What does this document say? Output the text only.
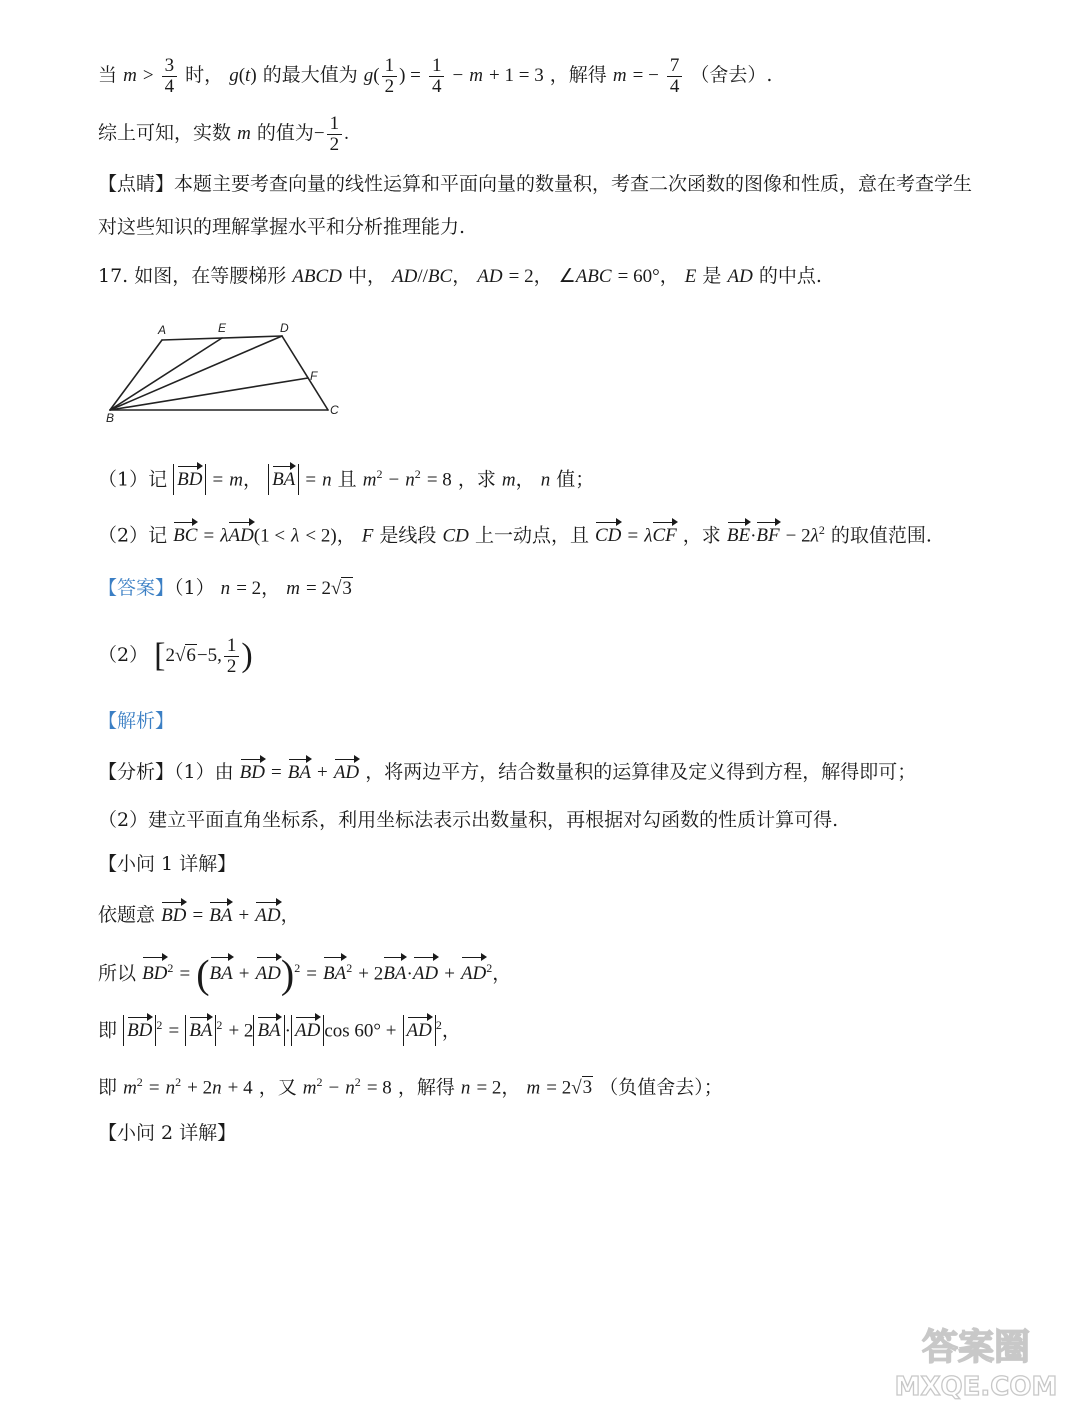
当 $m > \frac{3}{4}$ 时， g(t) 的最大值为 $g( \frac{1}{2}$ ) = $\frac{1}{4} - m + 1 = 3$ ，解得 m = − $\frac{7}{4}$ （舍去）.
综上可知，实数 m 的值为− $\frac{1}{2}$ .
【点睛】本题主要考查向量的线性运算和平面向量的数量积，考查二次函数的图像和性质，意在考查学生
对这些知识的理解掌握水平和分析推理能力.
17. 如图，在等腰梯形 ABCD 中， AD//BC， AD = 2， ∠ABC = 60°， E 是 AD 的中点.
A	E	D
F
B
C
（1）记 BD = m， BA = n 且 $m^2 - n^2 = 8$ ，求 m， n 值；
（2）记 BC = λAD(1 < λ < 2)， F 是线段 CD 上一动点，且 CD = λCF ，求 $BE\cdot BF - 2\lambda^2$ 的取值范围.
【答案】（1） n = 2， m = 2√3
（2） [2√6−5, $\frac{1}{2}$ )
【解析】
【分析】（1）由 BD = BA + AD ，将两边平方，结合数量积的运算律及定义得到方程，解得即可；
（2）建立平面直角坐标系，利用坐标法表示出数量积，再根据对勾函数的性质计算可得.
【小问 1 详解】
依题意 BD = BA + AD，
所以 $BD^2 = (BA + AD)^2 = BA^2 + 2BA\cdot AD + AD^2$，
即 BD $^2$ = BA $^2$ + 2 BA · AD cos 60° + AD $^2$，
即 $m^2 = n^2 + 2n + 4$ ，又 $m^2 - n^2 = 8$ ，解得 n = 2， m = 2√3 （负值舍去）；
【小问 2 详解】
答案圈
MXQE.COM
